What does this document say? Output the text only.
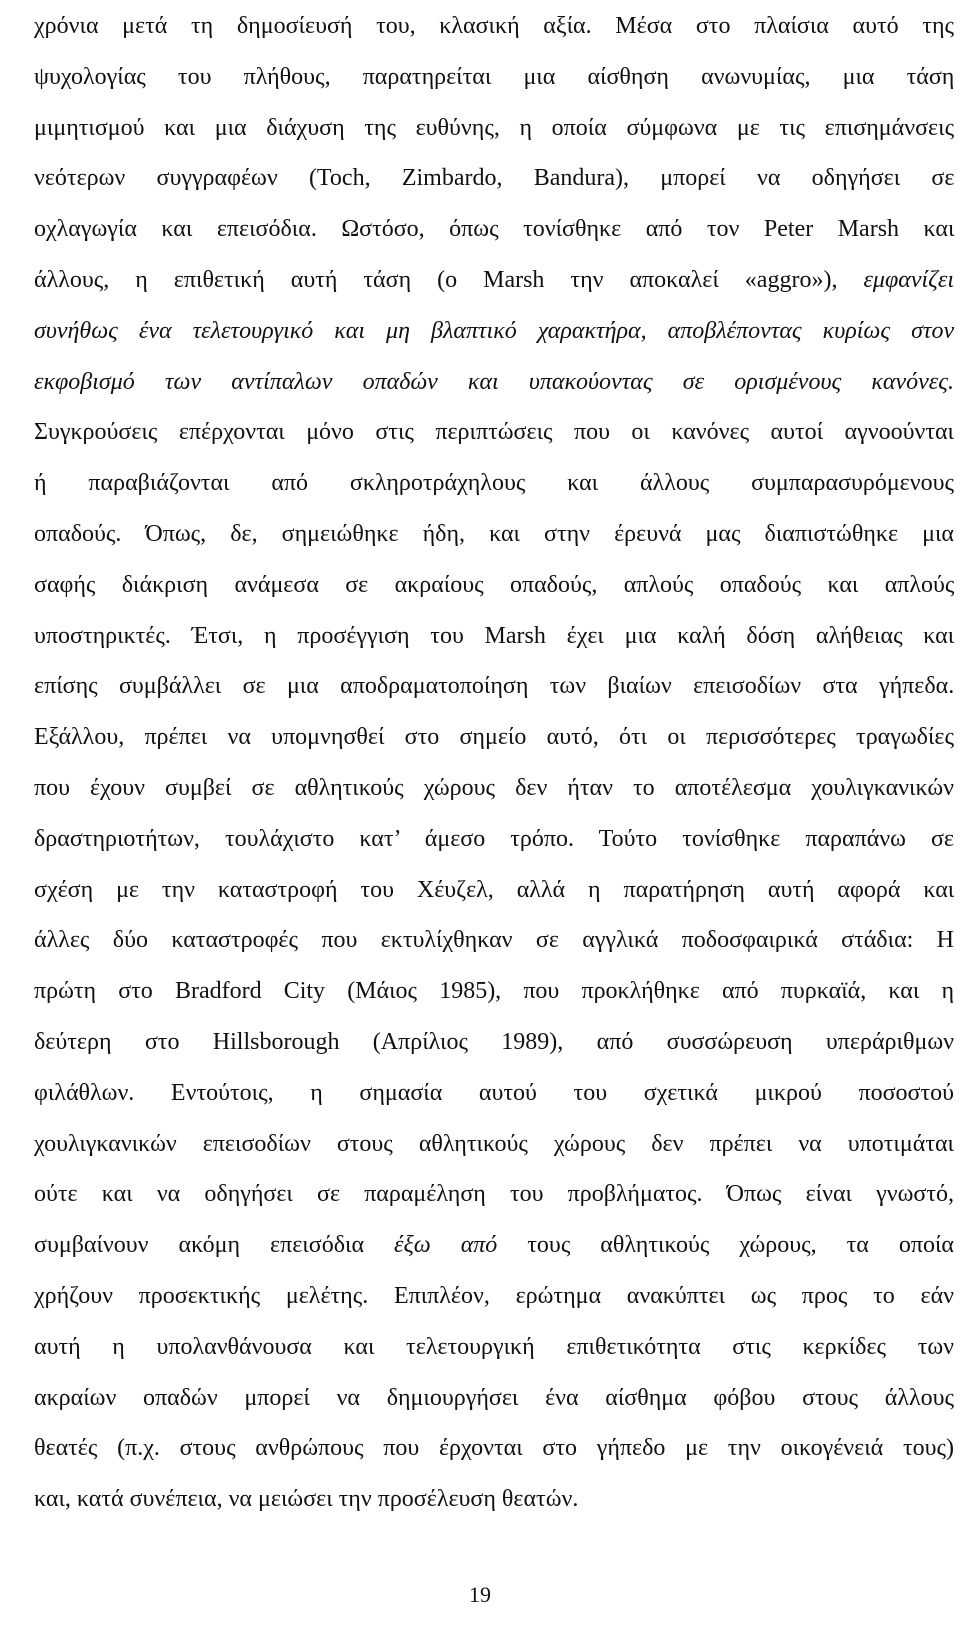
χρόνια μετά τη δημοσίευσή του, κλασική αξία. Μέσα στο πλαίσια αυτό της
ψυχολογίας του πλήθους, παρατηρείται μια αίσθηση ανωνυμίας, μια τάση
μιμητισμού και μια διάχυση της ευθύνης, η οποία σύμφωνα με τις επισημάνσεις
νεότερων συγγραφέων (Toch, Zimbardo, Bandura), μπορεί να οδηγήσει σε
οχλαγωγία και επεισόδια. Ωστόσο, όπως τονίσθηκε από τον Peter Marsh και
άλλους, η επιθετική αυτή τάση (ο Marsh την αποκαλεί «aggro»), εμφανίζει
συνήθως ένα τελετουργικό και μη βλαπτικό χαρακτήρα, αποβλέποντας κυρίως στον
εκφοβισμό των αντίπαλων οπαδών και υπακούοντας σε ορισμένους κανόνες.
Συγκρούσεις επέρχονται μόνο στις περιπτώσεις που οι κανόνες αυτοί αγνοούνται
ή παραβιάζονται από σκληροτράχηλους και άλλους συμπαρασυρόμενους
οπαδούς. Όπως, δε, σημειώθηκε ήδη, και στην έρευνά μας διαπιστώθηκε μια
σαφής διάκριση ανάμεσα σε ακραίους οπαδούς, απλούς οπαδούς και απλούς
υποστηρικτές. Έτσι, η προσέγγιση του Marsh έχει μια καλή δόση αλήθειας και
επίσης συμβάλλει σε μια αποδραματοποίηση των βιαίων επεισοδίων στα γήπεδα.
Εξάλλου, πρέπει να υπομνησθεί στο σημείο αυτό, ότι οι περισσότερες τραγωδίες
που έχουν συμβεί σε αθλητικούς χώρους δεν ήταν το αποτέλεσμα χουλιγκανικών
δραστηριοτήτων, τουλάχιστο κατ’ άμεσο τρόπο. Τούτο τονίσθηκε παραπάνω σε
σχέση με την καταστροφή του Χέυζελ, αλλά η παρατήρηση αυτή αφορά και
άλλες δύο καταστροφές που εκτυλίχθηκαν σε αγγλικά ποδοσφαιρικά στάδια: Η
πρώτη στο Bradford City (Μάιος 1985), που προκλήθηκε από πυρκαϊά, και η
δεύτερη στο Hillsborough (Απρίλιος 1989), από συσσώρευση υπεράριθμων
φιλάθλων. Εντούτοις, η σημασία αυτού του σχετικά μικρού ποσοστού
χουλιγκανικών επεισοδίων στους αθλητικούς χώρους δεν πρέπει να υποτιμάται
ούτε και να οδηγήσει σε παραμέληση του προβλήματος. Όπως είναι γνωστό,
συμβαίνουν ακόμη επεισόδια έξω από τους αθλητικούς χώρους, τα οποία
χρήζουν προσεκτικής μελέτης. Επιπλέον, ερώτημα ανακύπτει ως προς το εάν
αυτή η υπολανθάνουσα και τελετουργική επιθετικότητα στις κερκίδες των
ακραίων οπαδών μπορεί να δημιουργήσει ένα αίσθημα φόβου στους άλλους
θεατές (π.χ. στους ανθρώπους που έρχονται στο γήπεδο με την οικογένειά τους)
και, κατά συνέπεια, να μειώσει την προσέλευση θεατών.
19
